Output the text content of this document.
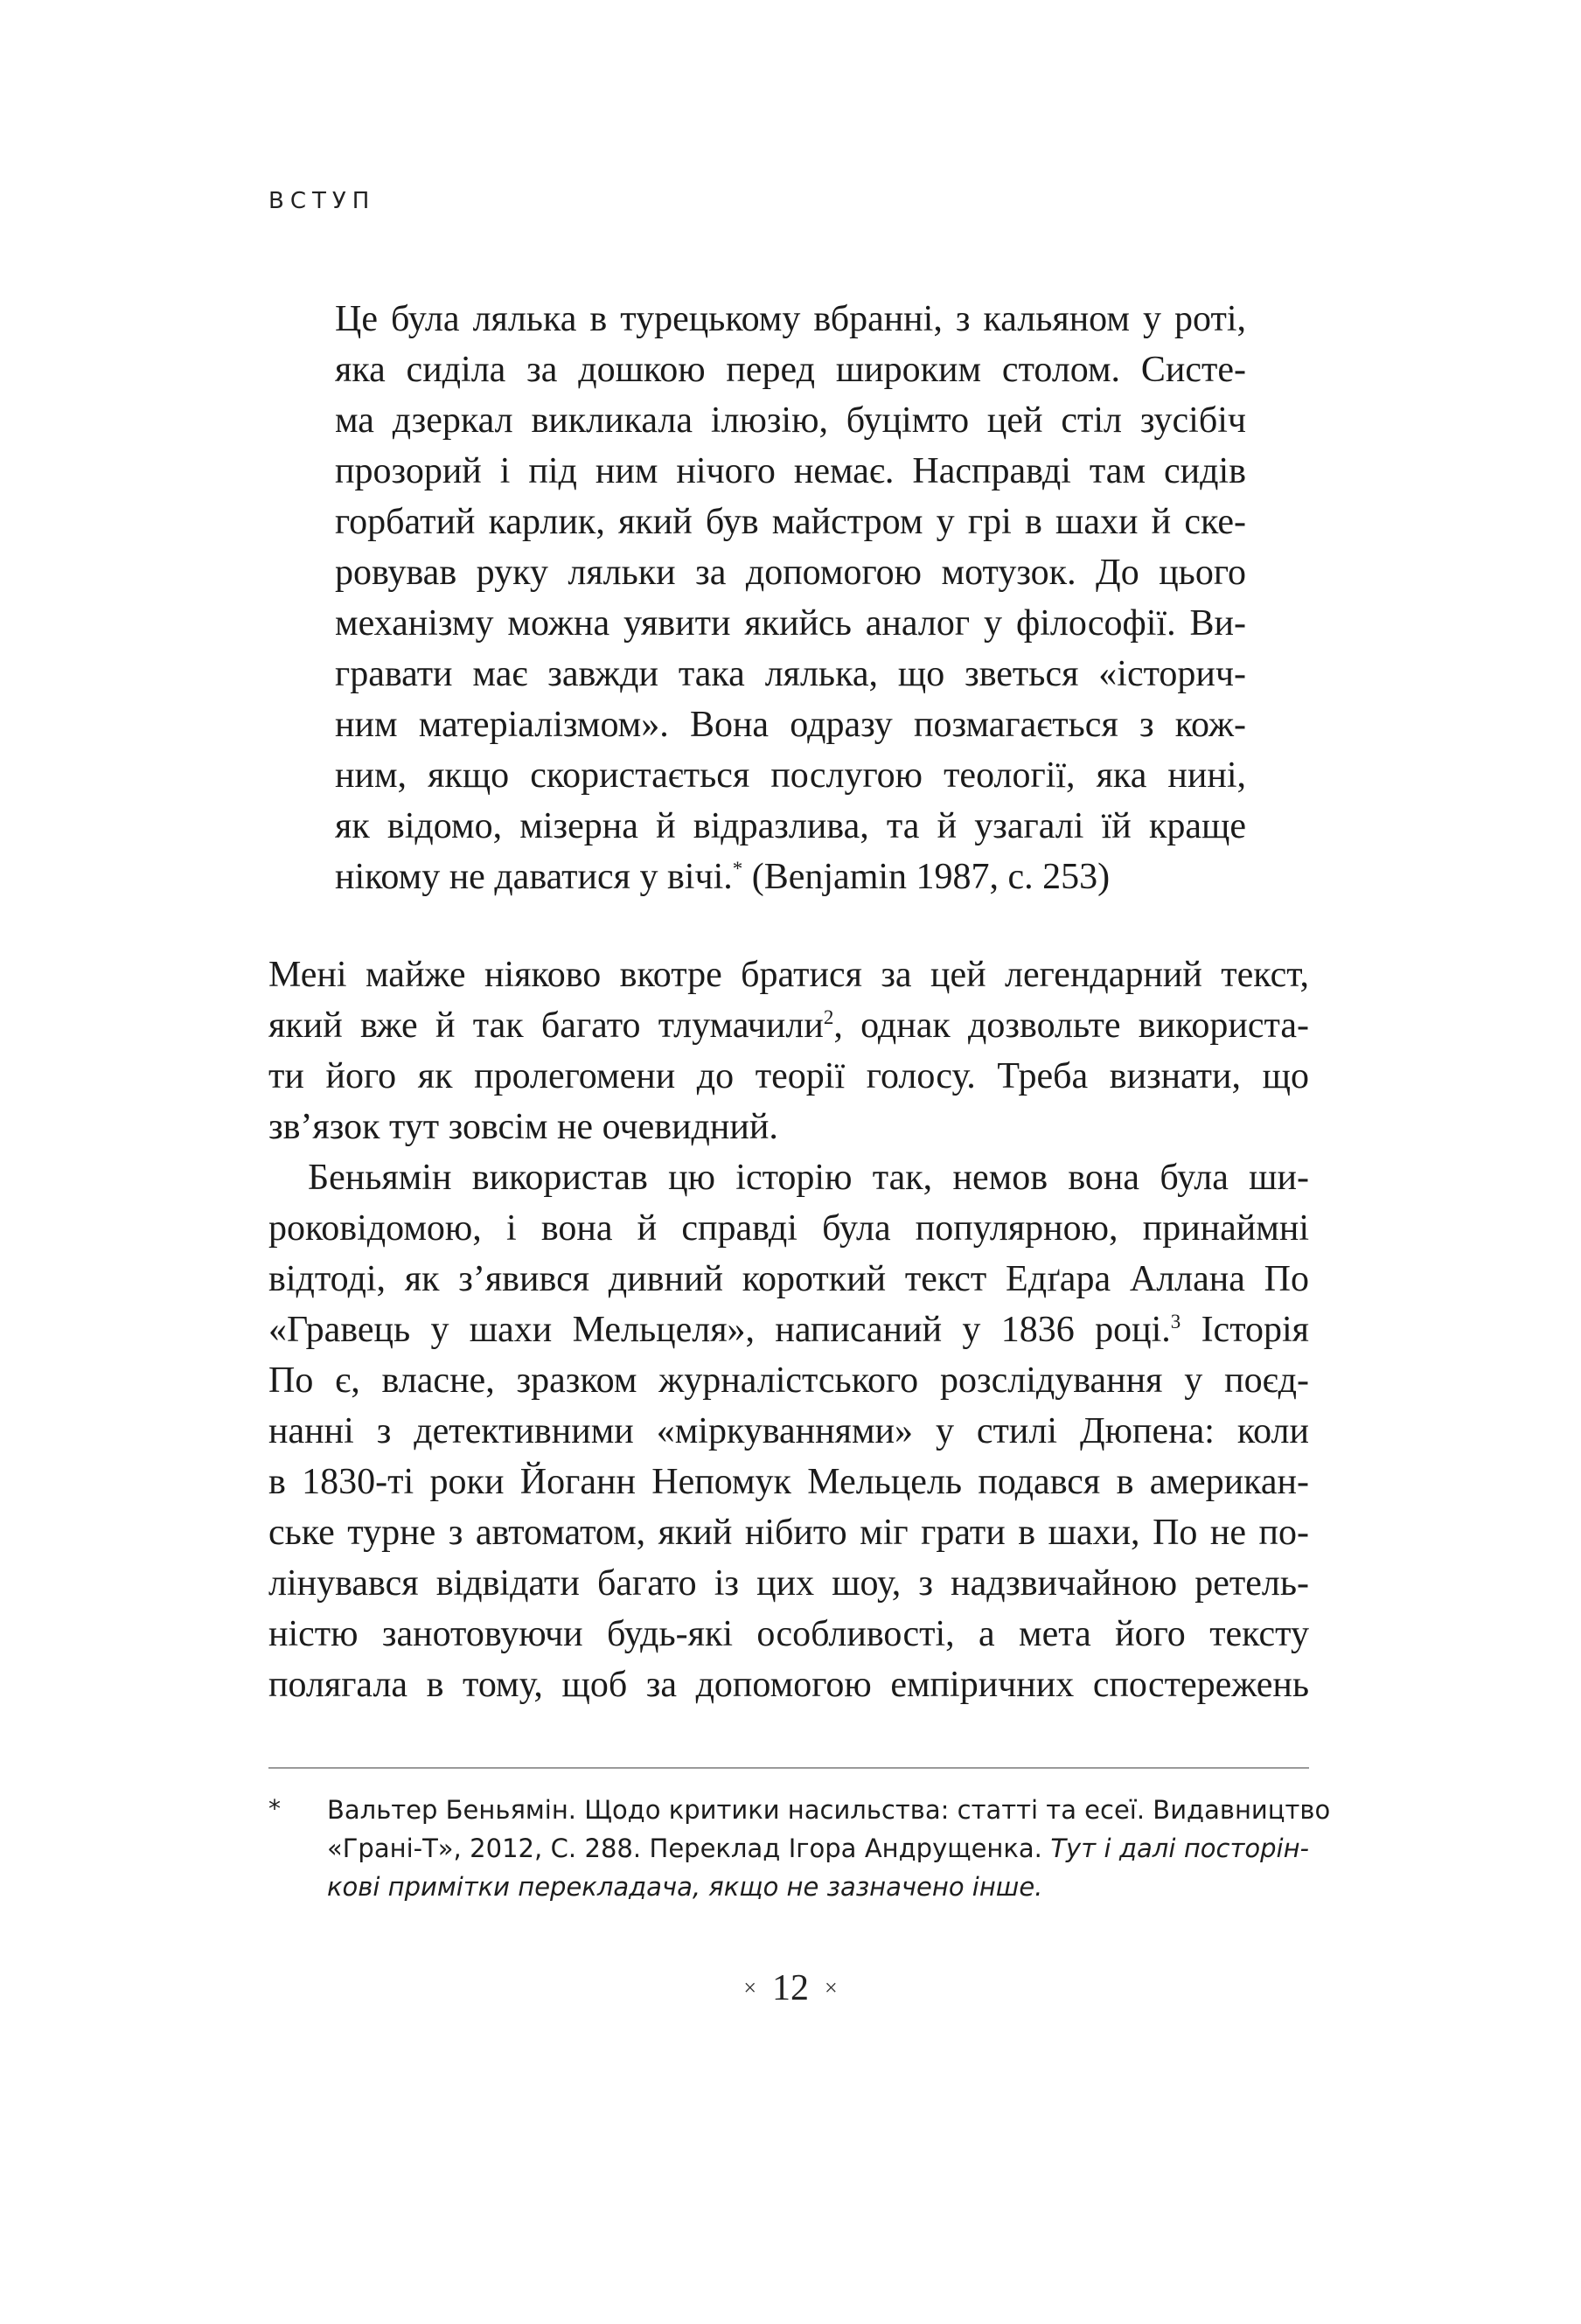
ВСТУП

Це була лялька в турецькому вбранні, з кальяном у роті,

яка сиділа за дошкою перед широким столом. Систе-

ма дзеркал викликала ілюзію, буцімто цей стіл зусібіч

прозорий і під ним нічого немає. Насправді там сидів

горбатий карлик, який був майстром у грі в шахи й ске-

ровував руку ляльки за допомогою мотузок. До цього

механізму можна уявити якийсь аналог у філософії. Ви-

гравати має завжди така лялька, що зветься «історич-

ним матеріалізмом». Вона одразу позмагається з кож-

ним, якщо скористається послугою теології, яка нині,

як відомо, мізерна й відразлива, та й узагалі їй краще

нікому не даватися у вічі.* (Benjamin 1987, с. 253)

Мені майже ніяково вкотре братися за цей легендарний текст,

який вже й так багато тлумачили$^2$, однак дозвольте використа-

ти його як пролегомени до теорії голосу. Треба визнати, що

зв’язок тут зовсім не очевидний.

Беньямін використав цю історію так, немов вона була ши-

роковідомою, і вона й справді була популярною, принаймні

відтоді, як з’явився дивний короткий текст Едґара Аллана По

«Гравець у шахи Мельцеля», написаний у 1836 році.$^3$ Історія

По є, власне, зразком журналістського розслідування у поєд-

нанні з детективними «міркуваннями» у стилі Дюпена: коли

в 1830-ті роки Йоганн Непомук Мельцель подався в американ-

ське турне з автоматом, який нібито міг грати в шахи, По не по-

лінувався відвідати багато із цих шоу, з надзвичайною ретель-

ністю занотовуючи будь-які особливості, а мета його тексту

полягала в тому, щоб за допомогою емпіричних спостережень

* Вальтер Беньямін. Щодо критики насильства: статті та есеї. Видавництво

«Грані-Т», 2012, С. 288. Переклад Ігора Андрущенка. Тут і далі посторін-

кові примітки перекладача, якщо не зазначено інше.

× 12 ×
